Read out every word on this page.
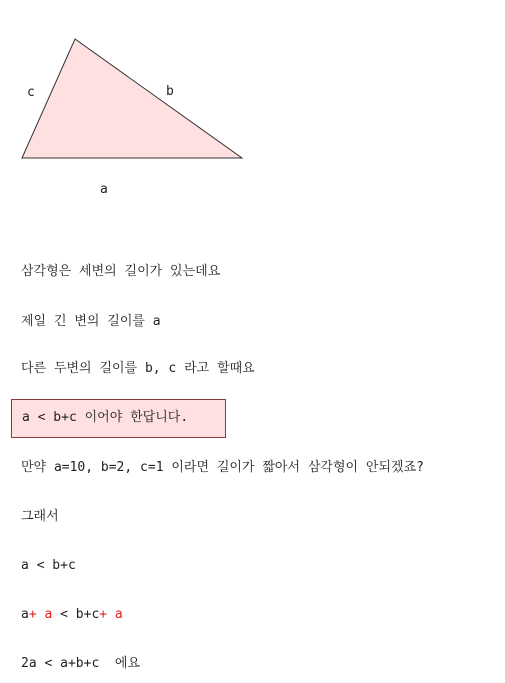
c	b
a
삼각형은 세변의 길이가 있는데요
제일 긴 변의 길이를 a
다른 두변의 길이를 b, c 라고 할때요
a < b+c 이어야 한답니다.
만약 a=10, b=2, c=1 이라면 길이가 짧아서 삼각형이 안되겠죠?
그래서
a < b+c
a+ a < b+c+ a
2a < a+b+c  에요
